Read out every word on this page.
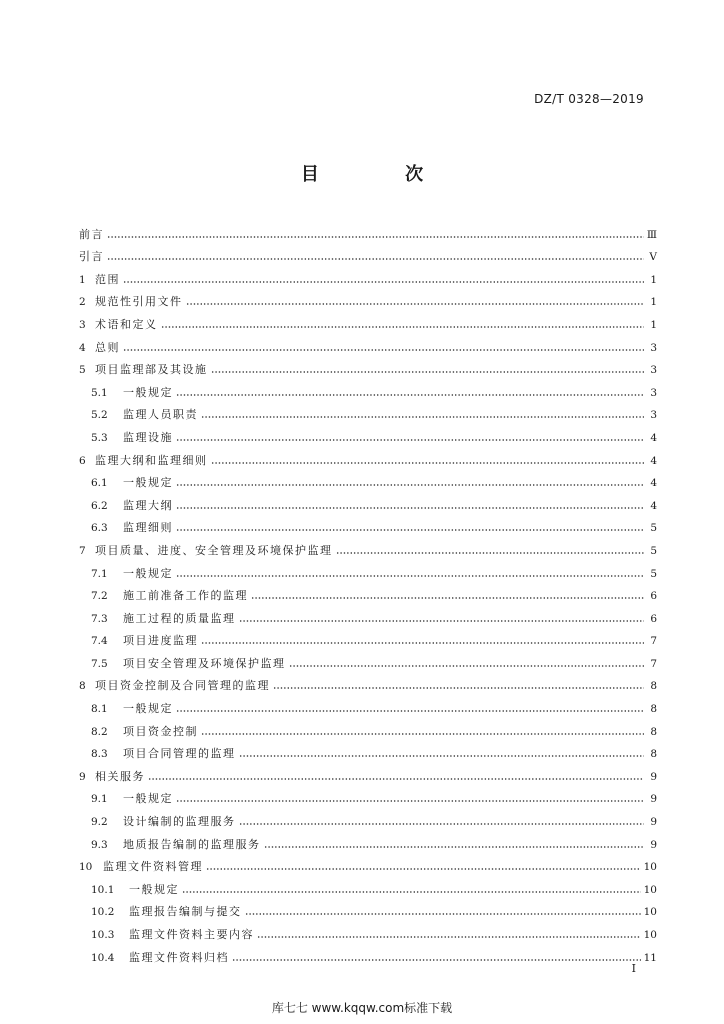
DZ/T 0328—2019
目 次
前言	Ⅲ
引言	Ⅴ
1 范围	1
2 规范性引用文件	1
3 术语和定义	1
4 总则	3
5 项目监理部及其设施	3
5.1	一般规定	3
5.2	监理人员职责	3
5.3	监理设施	4
6 监理大纲和监理细则	4
6.1	一般规定	4
6.2	监理大纲	4
6.3	监理细则	5
7 项目质量、进度、安全管理及环境保护监理	5
7.1	一般规定	5
7.2	施工前准备工作的监理	6
7.3	施工过程的质量监理	6
7.4	项目进度监理	7
7.5	项目安全管理及环境保护监理	7
8 项目资金控制及合同管理的监理	8
8.1	一般规定	8
8.2	项目资金控制	8
8.3	项目合同管理的监理	8
9 相关服务	9
9.1	一般规定	9
9.2	设计编制的监理服务	9
9.3	地质报告编制的监理服务	9
10 监理文件资料管理	10
10.1	一般规定	10
10.2	监理报告编制与提交	10
10.3	监理文件资料主要内容	10
10.4	监理文件资料归档	11
Ⅰ
库七七 www.kqqw.com标准下载
